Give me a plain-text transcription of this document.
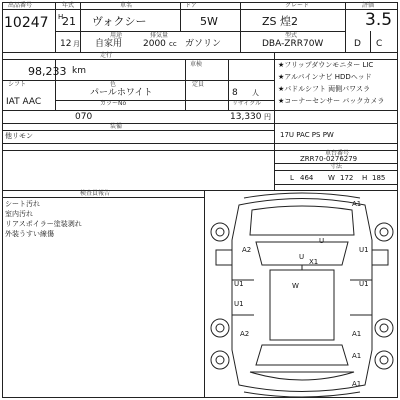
出品番号
10247
年式
H
21
車名
ヴォクシー
ドア
5W
グレード
ZS 煌2
評価
3.5
12 月
用途
自家用
排気量
2000 cc ガソリン
型式
DBA-ZRR70W	D C
走行
98,233 km
シフト
IAT AAC
色
パールホワイト
カラーNo
070
車検
定員
8 人
リサイクル
13,330 円
装備
他リモン
★フリップダウンモニター LIC
★アルパインナビ HDDヘッド
★パドルシフト 両側パワスラ
★コーナーセンサー バックカメラ
17U PAC PS PW
車台番号
ZRR70-0276279
寸法
L 464 W 172 H 185
検査員報告
シート汚れ
室内汚れ
リアスポイラー塗装剥れ
外装うすい線傷
A1
U
A2	U1
U
X1
U1	U1
W
U1
A2	A1
A1
A1
